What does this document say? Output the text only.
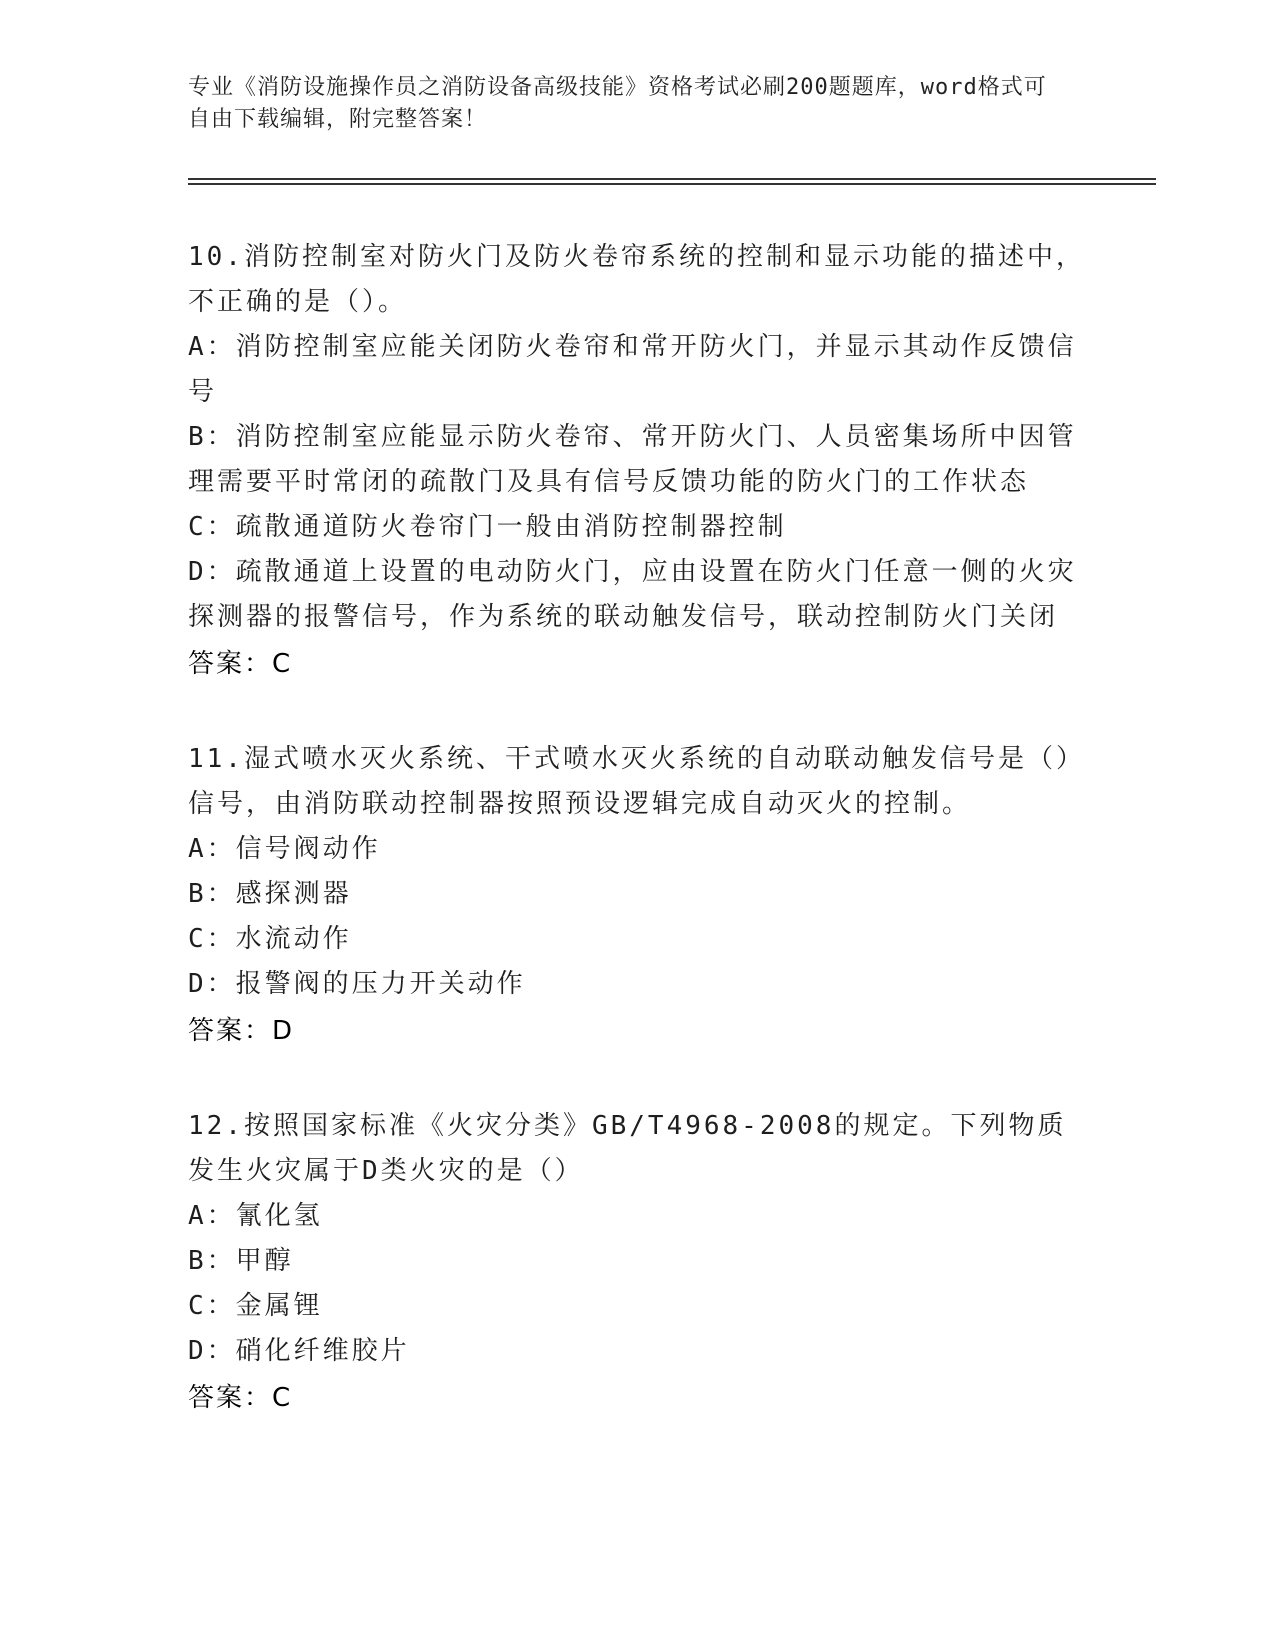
专业《消防设施操作员之消防设备高级技能》资格考试必刷200题题库，word格式可自由下载编辑，附完整答案！
10.消防控制室对防火门及防火卷帘系统的控制和显示功能的描述中，不正确的是（）。
A：消防控制室应能关闭防火卷帘和常开防火门，并显示其动作反馈信号
B：消防控制室应能显示防火卷帘、常开防火门、人员密集场所中因管理需要平时常闭的疏散门及具有信号反馈功能的防火门的工作状态
C：疏散通道防火卷帘门一般由消防控制器控制
D：疏散通道上设置的电动防火门，应由设置在防火门任意一侧的火灾探测器的报警信号，作为系统的联动触发信号，联动控制防火门关闭
答案：C
11.湿式喷水灭火系统、干式喷水灭火系统的自动联动触发信号是（）信号，由消防联动控制器按照预设逻辑完成自动灭火的控制。
A：信号阀动作
B：感探测器
C：水流动作
D：报警阀的压力开关动作
答案：D
12.按照国家标准《火灾分类》GB/T4968-2008的规定。下列物质发生火灾属于D类火灾的是（）
A：氰化氢
B：甲醇
C：金属锂
D：硝化纤维胶片
答案：C
